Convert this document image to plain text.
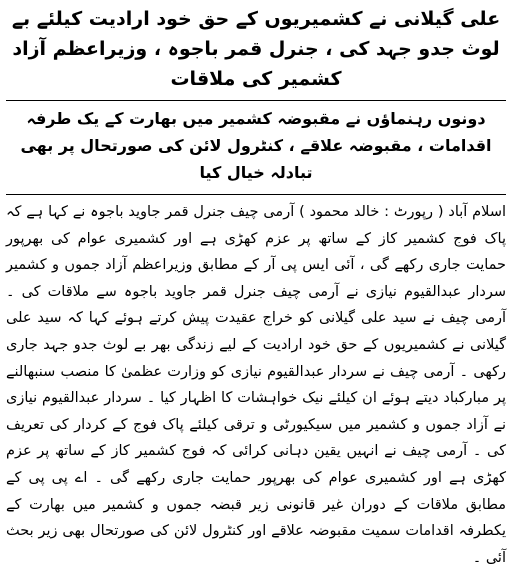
علی گیلانی نے کشمیریوں کے حق خود ارادیت کیلئے بے لوث جدو جہد کی ، جنرل قمر باجوہ ، وزیراعظم آزاد کشمیر کی ملاقات
دونوں رہنماؤں نے مقبوضہ کشمیر میں بھارت کے یک طرفہ اقدامات ، مقبوضہ علاقے ، کنٹرول لائن کی صورتحال پر بھی تبادلہ خیال کیا

اسلام آباد ( رپورٹ : خالد محمود ) آرمی چیف جنرل قمر جاوید باجوہ نے کہا ہے کہ پاک فوج کشمیر کاز کے ساتھ پر عزم کھڑی ہے اور کشمیری عوام کی بھرپور حمایت جاری رکھے گی ، آئی ایس پی آر کے مطابق وزیراعظم آزاد جموں و کشمیر سردار عبدالقیوم نیازی نے آرمی چیف جنرل قمر جاوید باجوہ سے ملاقات کی ۔ آرمی چیف نے سید علی گیلانی کو خراج عقیدت پیش کرتے ہوئے کہا کہ سید علی گیلانی نے کشمیریوں کے حق خود ارادیت کے لیے زندگی بھر بے لوث جدو جہد جاری رکھی ۔ آرمی چیف نے سردار عبدالقیوم نیازی کو وزارت عظمیٰ کا منصب سنبھالنے پر مبارکباد دیتے ہوئے ان کیلئے نیک خواہشات کا اظہار کیا ۔ سردار عبدالقیوم نیازی نے آزاد جموں و کشمیر میں سیکیورٹی و ترقی کیلئے پاک فوج کے کردار کی تعریف کی ۔ آرمی چیف نے انہیں یقین دہانی کرائی کہ فوج کشمیر کاز کے ساتھ پر عزم کھڑی ہے اور کشمیری عوام کی بھرپور حمایت جاری رکھے گی ۔ اے پی پی کے مطابق ملاقات کے دوران غیر قانونی زیر قبضہ جموں و کشمیر میں بھارت کے یکطرفہ اقدامات سمیت مقبوضہ علاقے اور کنٹرول لائن کی صورتحال بھی زیر بحث آئی ۔
